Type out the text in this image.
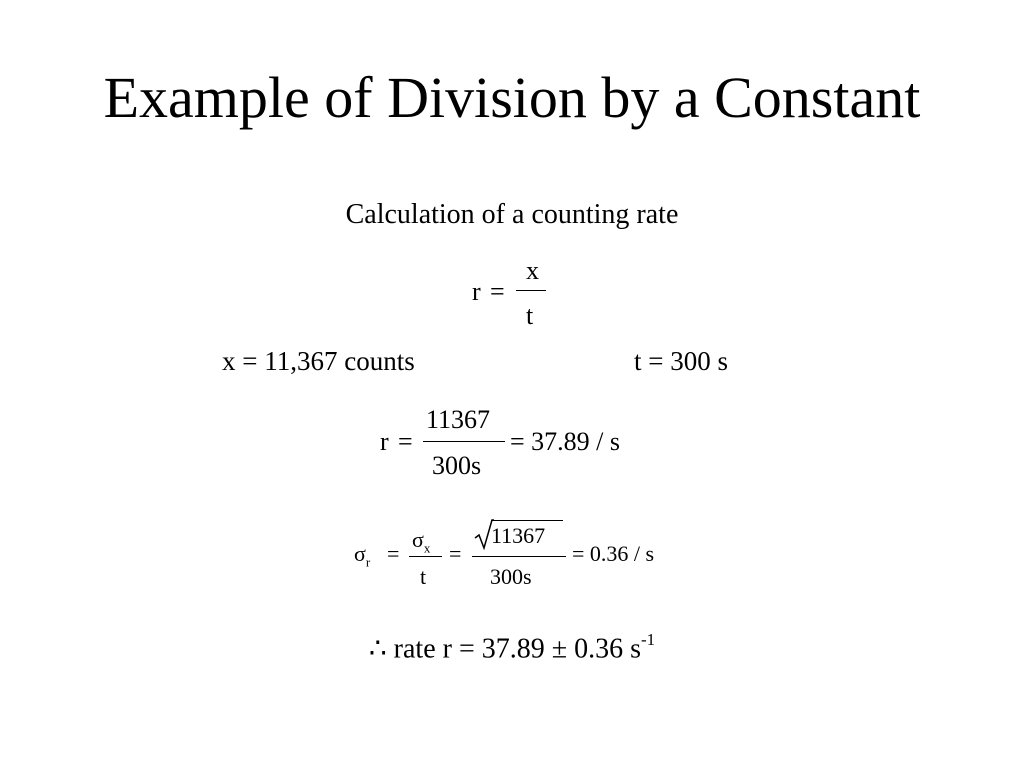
Example of Division by a Constant
Calculation of a counting rate
r =
x
t
x = 11,367 counts	t = 300 s
r =
11367
300s
= 37.89 / s
$\sigma_r$ =
$\sigma_x$
t
=
11367
300s
= 0.36 / s
∴ rate r = 37.89 ± 0.36 $s^{-1}$
